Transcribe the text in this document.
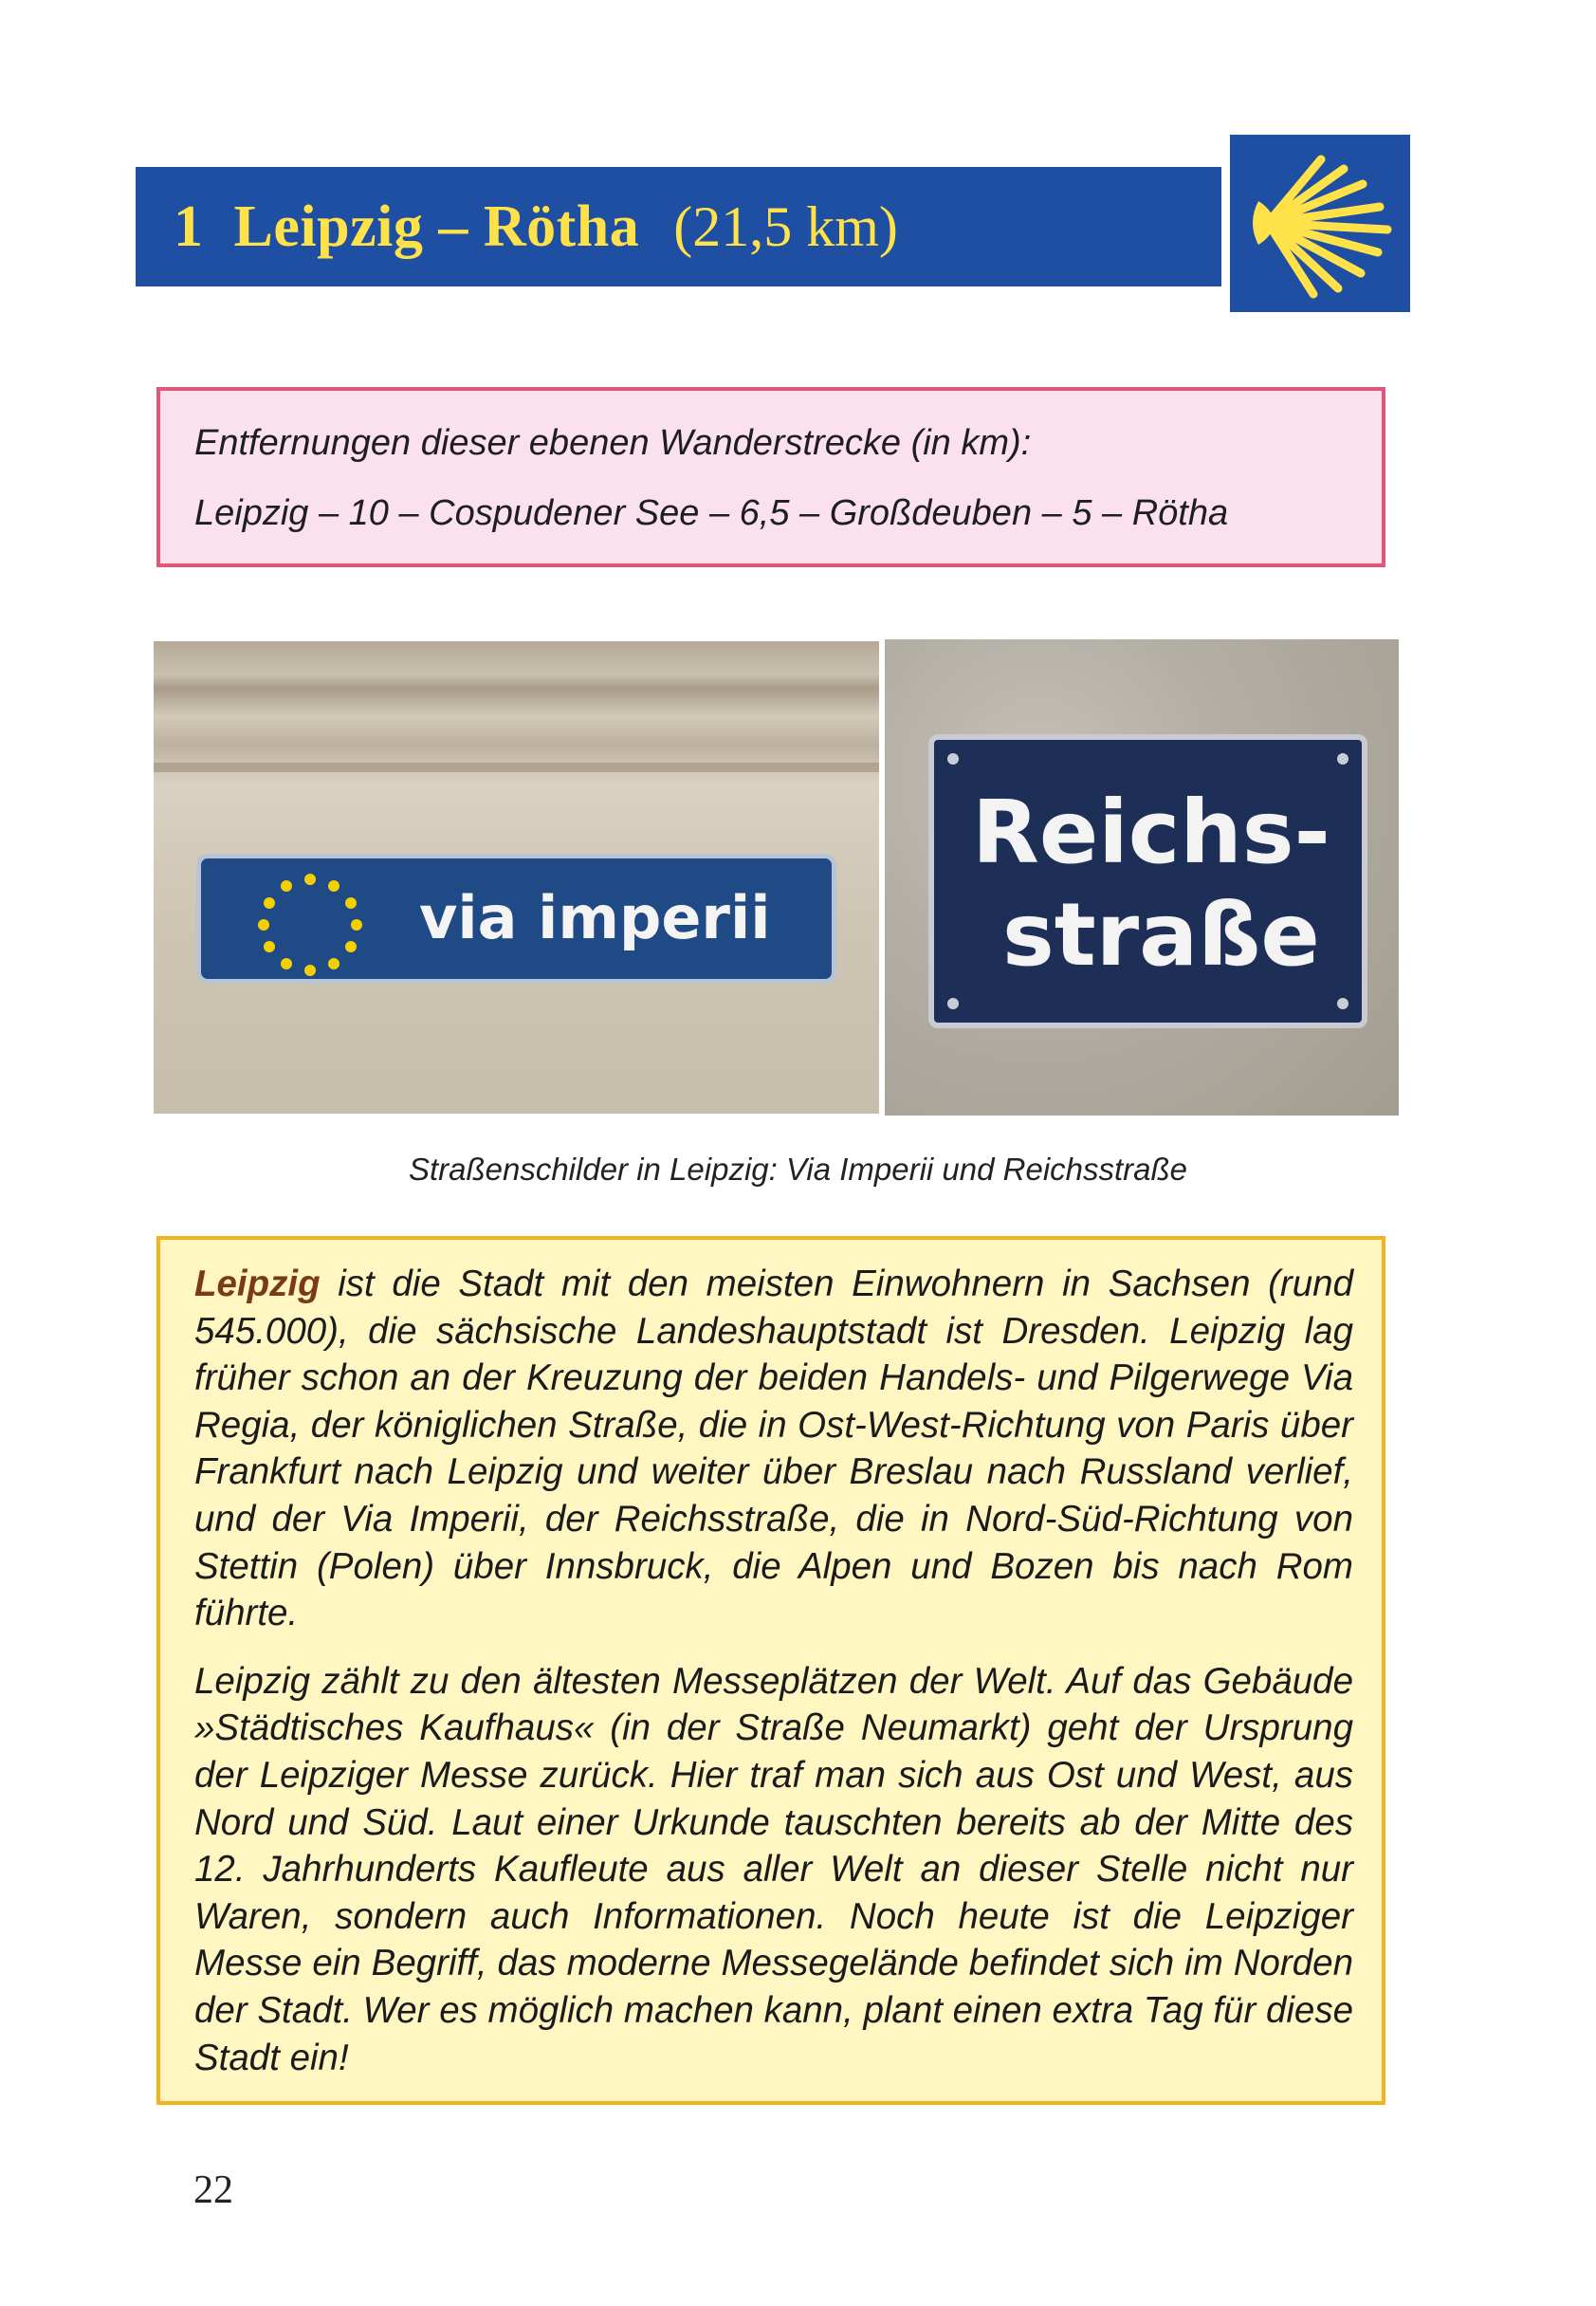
1  Leipzig – Rötha (21,5 km)

Entfernungen dieser ebenen Wanderstrecke (in km):

Leipzig – 10 – Cospudener See – 6,5 – Großdeuben – 5 – Rötha

via imperii
Reichs-
straße
Straßenschilder in Leipzig: Via Imperii und Reichsstraße

Leipzig ist die Stadt mit den meisten Einwohnern in Sachsen (rund 545.000), die sächsische Landeshauptstadt ist Dresden. Leipzig lag früher schon an der Kreuzung der beiden Handels- und Pilgerwege Via Regia, der königlichen Straße, die in Ost-West-Richtung von Paris über Frankfurt nach Leipzig und weiter über Breslau nach Russland verlief, und der Via Imperii, der Reichsstraße, die in Nord-Süd-Richtung von Stettin (Polen) über Innsbruck, die Alpen und Bozen bis nach Rom führte.

Leipzig zählt zu den ältesten Messeplätzen der Welt. Auf das Gebäude »Städtisches Kaufhaus« (in der Straße Neumarkt) geht der Ursprung der Leipziger Messe zurück. Hier traf man sich aus Ost und West, aus Nord und Süd. Laut einer Urkunde tauschten bereits ab der Mitte des 12. Jahrhunderts Kaufleute aus aller Welt an dieser Stelle nicht nur Waren, sondern auch Informationen. Noch heute ist die Leipziger Messe ein Begriff, das moderne Messegelände befindet sich im Norden der Stadt. Wer es möglich machen kann, plant einen extra Tag für diese Stadt ein!

22
